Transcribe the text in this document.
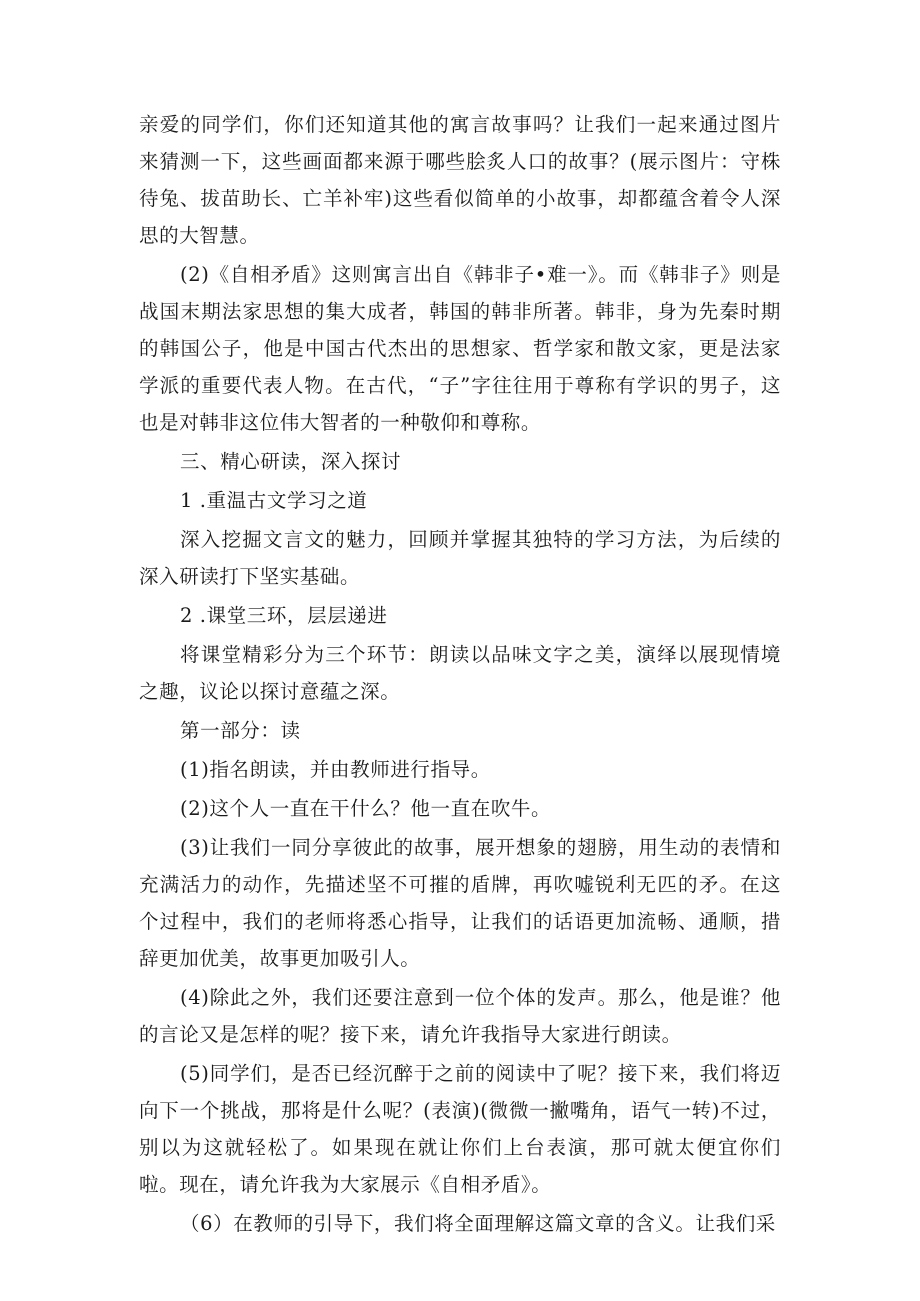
亲爱的同学们，你们还知道其他的寓言故事吗？让我们一起来通过图片来猜测一下，这些画面都来源于哪些脍炙人口的故事？(展示图片：守株待兔、拔苗助长、亡羊补牢)这些看似简单的小故事，却都蕴含着令人深思的大智慧。

(2)《自相矛盾》这则寓言出自《韩非子•难一》。而《韩非子》则是战国末期法家思想的集大成者，韩国的韩非所著。韩非，身为先秦时期的韩国公子，他是中国古代杰出的思想家、哲学家和散文家，更是法家学派的重要代表人物。在古代，“子”字往往用于尊称有学识的男子，这也是对韩非这位伟大智者的一种敬仰和尊称。

三、精心研读，深入探讨

1 .重温古文学习之道

深入挖掘文言文的魅力，回顾并掌握其独特的学习方法，为后续的深入研读打下坚实基础。

2 .课堂三环，层层递进

将课堂精彩分为三个环节：朗读以品味文字之美，演绎以展现情境之趣，议论以探讨意蕴之深。

第一部分：读

(1)指名朗读，并由教师进行指导。

(2)这个人一直在干什么？他一直在吹牛。

(3)让我们一同分享彼此的故事，展开想象的翅膀，用生动的表情和充满活力的动作，先描述坚不可摧的盾牌，再吹嘘锐利无匹的矛。在这个过程中，我们的老师将悉心指导，让我们的话语更加流畅、通顺，措辞更加优美，故事更加吸引人。

(4)除此之外，我们还要注意到一位个体的发声。那么，他是谁？他的言论又是怎样的呢？接下来，请允许我指导大家进行朗读。

(5)同学们，是否已经沉醉于之前的阅读中了呢？接下来，我们将迈向下一个挑战，那将是什么呢？(表演)(微微一撇嘴角，语气一转)不过，别以为这就轻松了。如果现在就让你们上台表演，那可就太便宜你们啦。现在，请允许我为大家展示《自相矛盾》。

（6）在教师的引导下，我们将全面理解这篇文章的含义。让我们采
